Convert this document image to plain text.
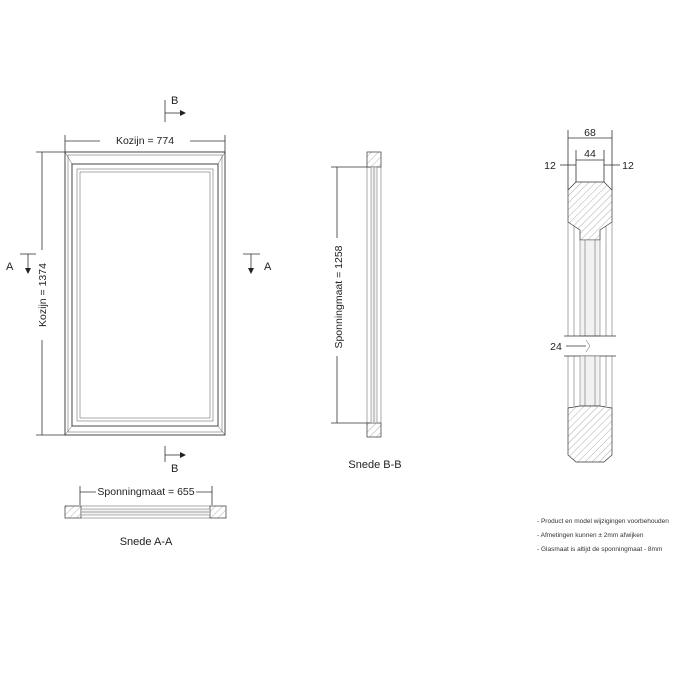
Kozijn = 774
Kozijn = 1374
B
B
A	A
Sponningmaat = 655
Snede A-A
Sponningmaat = 1258
Snede B-B
68
44
12	12
24
- Product en model wijzigingen voorbehouden
- Afmetingen kunnen ± 2mm afwijken
- Glasmaat is altijd de sponningmaat - 8mm
